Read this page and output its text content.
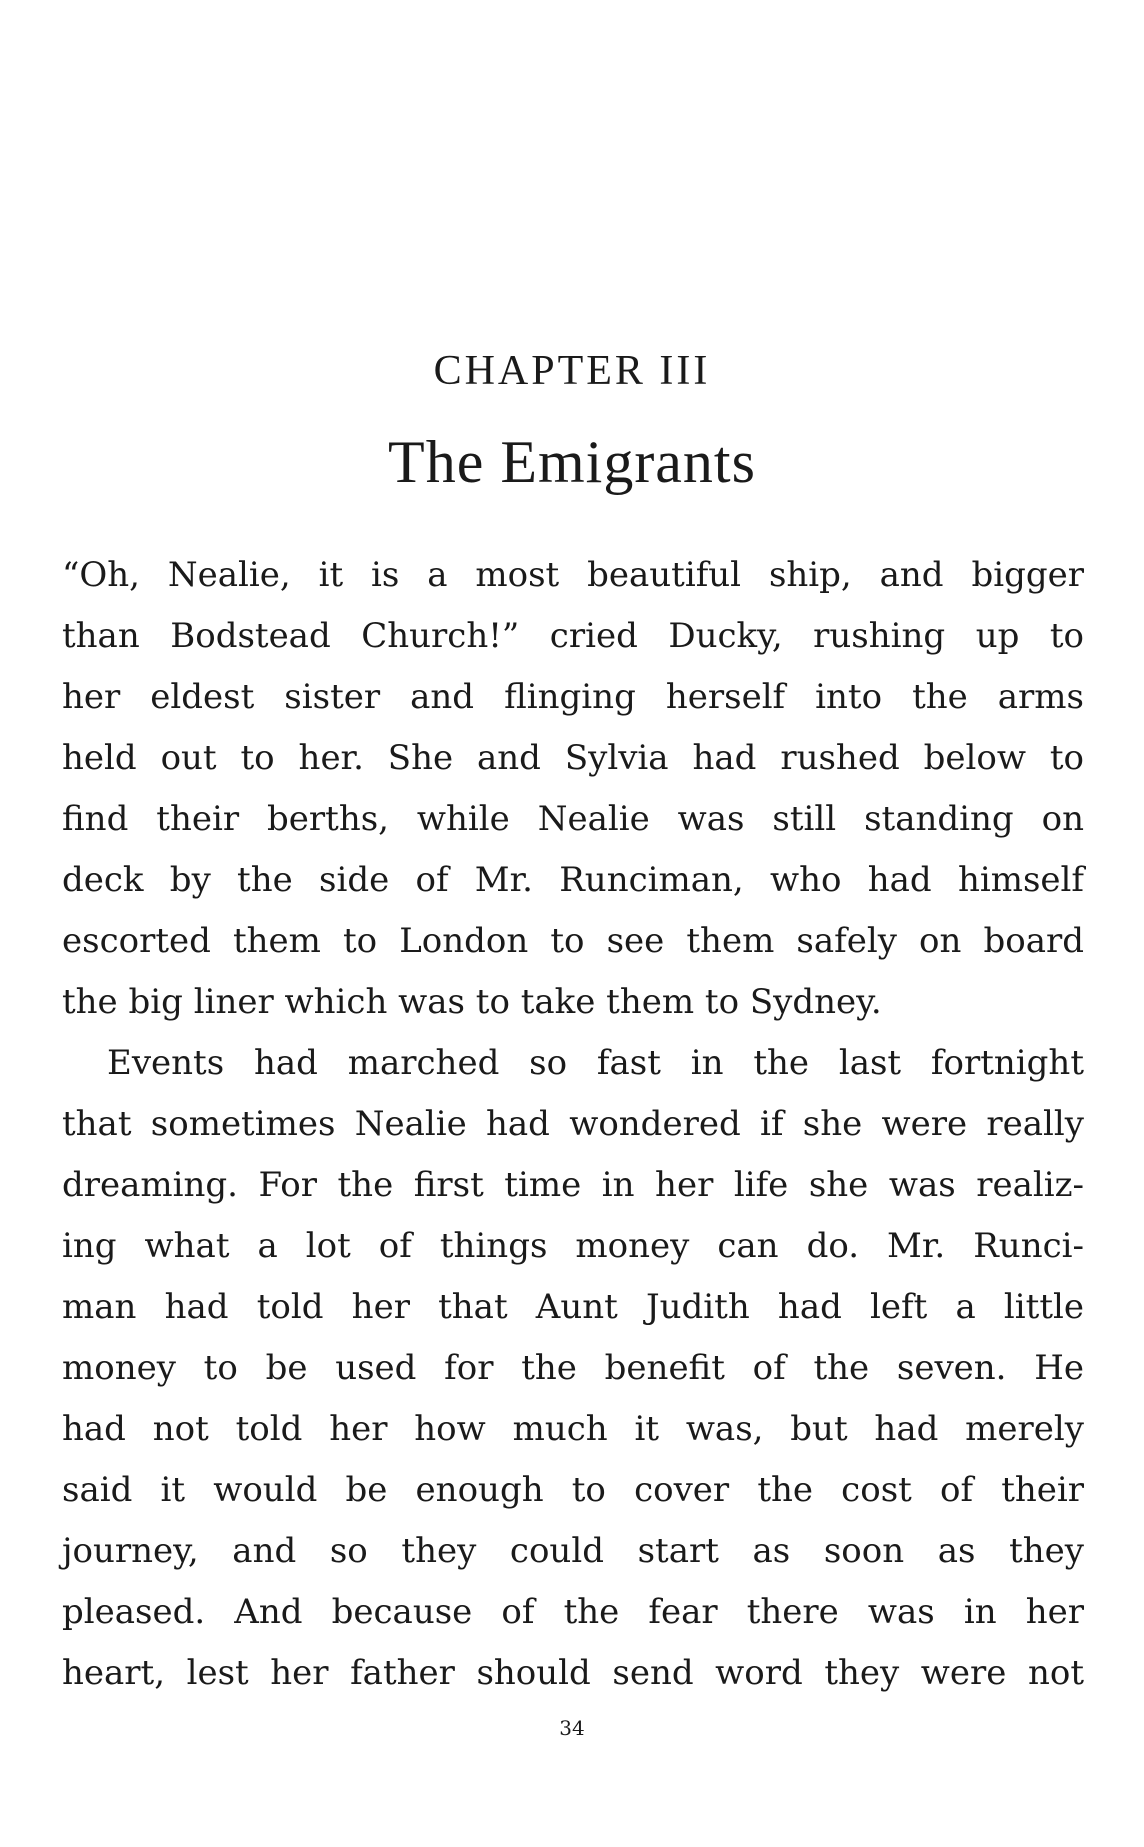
CHAPTER III
The Emigrants
“Oh, Nealie, it is a most beautiful ship, and bigger
than Bodstead Church!” cried Ducky, rushing up to
her eldest sister and flinging herself into the arms
held out to her. She and Sylvia had rushed below to
find their berths, while Nealie was still standing on
deck by the side of Mr. Runciman, who had himself
escorted them to London to see them safely on board
the big liner which was to take them to Sydney.
Events had marched so fast in the last fortnight
that sometimes Nealie had wondered if she were really
dreaming. For the first time in her life she was realiz-
ing what a lot of things money can do. Mr. Runci-
man had told her that Aunt Judith had left a little
money to be used for the benefit of the seven. He
had not told her how much it was, but had merely
said it would be enough to cover the cost of their
journey, and so they could start as soon as they
pleased. And because of the fear there was in her
heart, lest her father should send word they were not
34
